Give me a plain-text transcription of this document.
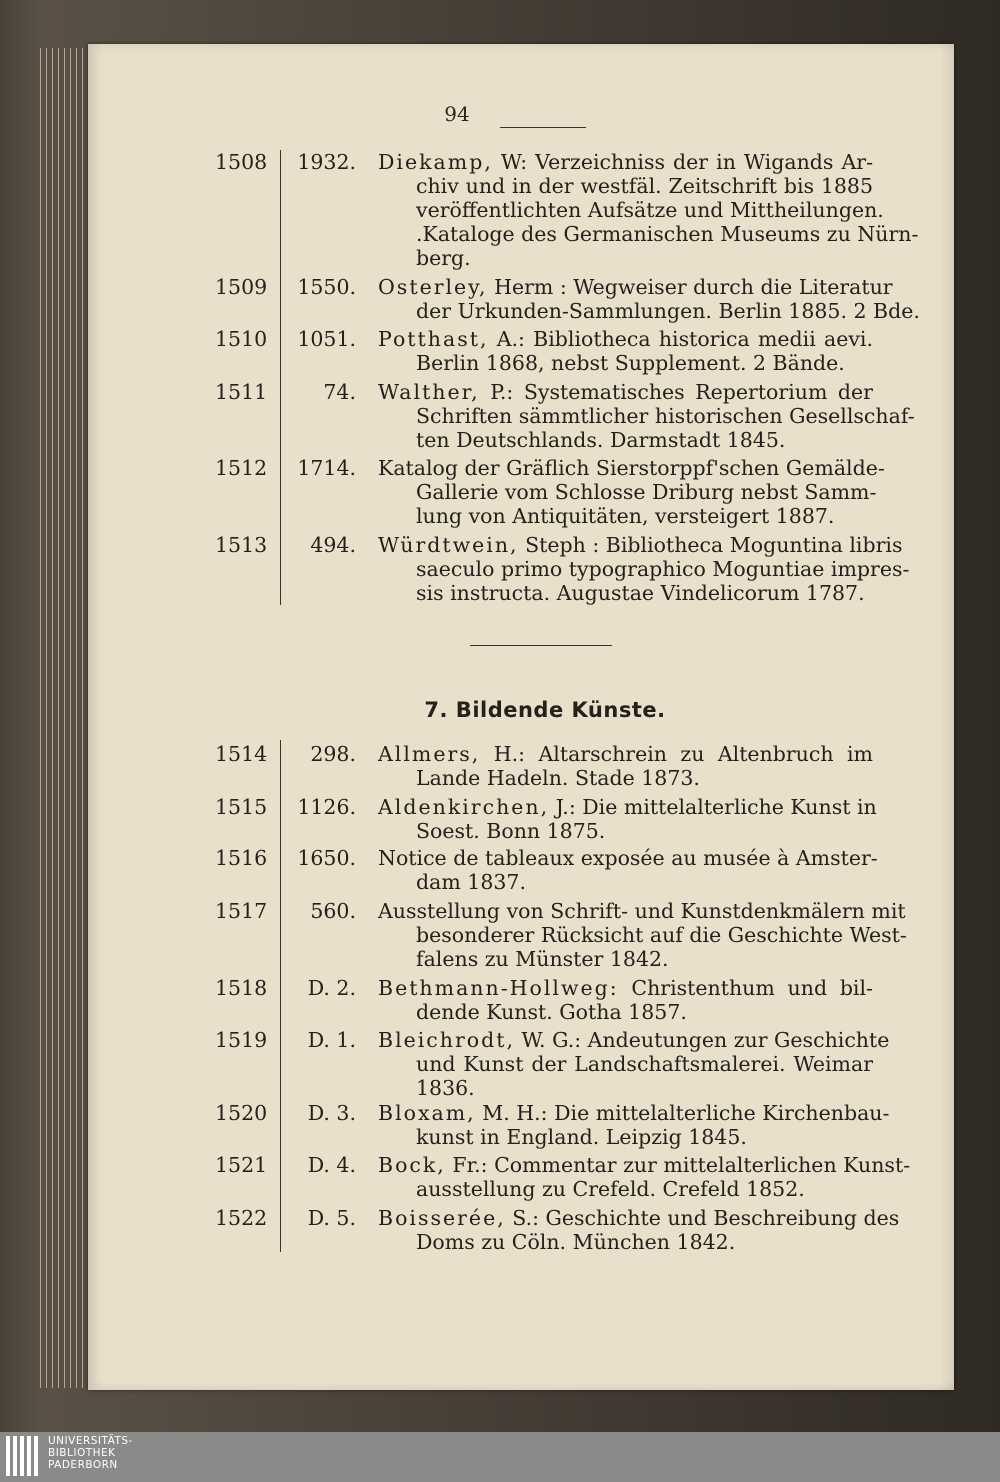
94
1508	1932. Diekamp, W: Verzeichniss der in Wigands Ar-
chiv und in der westfäl. Zeitschrift bis 1885
veröffentlichten Aufsätze und Mittheilungen.
.Kataloge des Germanischen Museums zu Nürn-
berg.
1509	1550. Osterley, Herm : Wegweiser durch die Literatur
der Urkunden-Sammlungen. Berlin 1885. 2 Bde.
1510	1051. Potthast, A.: Bibliotheca historica medii aevi.
Berlin 1868, nebst Supplement. 2 Bände.
1511	74. Walther, P.: Systematisches Repertorium der
Schriften sämmtlicher historischen Gesellschaf-
ten Deutschlands. Darmstadt 1845.
1512	1714. Katalog der Gräflich Sierstorppf'schen Gemälde-
Gallerie vom Schlosse Driburg nebst Samm-
lung von Antiquitäten, versteigert 1887.
1513	494. Würdtwein, Steph : Bibliotheca Moguntina libris
saeculo primo typographico Moguntiae impres-
sis instructa. Augustae Vindelicorum 1787.
7. Bildende Künste.
1514	298. Allmers, H.: Altarschrein zu Altenbruch im
Lande Hadeln. Stade 1873.
1515	1126. Aldenkirchen, J.: Die mittelalterliche Kunst in
Soest. Bonn 1875.
1516	1650. Notice de tableaux exposée au musée à Amster-
dam 1837.
1517	560. Ausstellung von Schrift- und Kunstdenkmälern mit
besonderer Rücksicht auf die Geschichte West-
falens zu Münster 1842.
1518	D. 2. Bethmann-Hollweg: Christenthum und bil-
dende Kunst. Gotha 1857.
1519	D. 1. Bleichrodt, W. G.: Andeutungen zur Geschichte
und Kunst der Landschaftsmalerei. Weimar
1836.
1520	D. 3. Bloxam, M. H.: Die mittelalterliche Kirchenbau-
kunst in England. Leipzig 1845.
1521	D. 4. Bock, Fr.: Commentar zur mittelalterlichen Kunst-
ausstellung zu Crefeld. Crefeld 1852.
1522	D. 5. Boisserée, S.: Geschichte und Beschreibung des
Doms zu Cöln. München 1842.
UNIVERSITÄTS-
BIBLIOTHEK
PADERBORN
